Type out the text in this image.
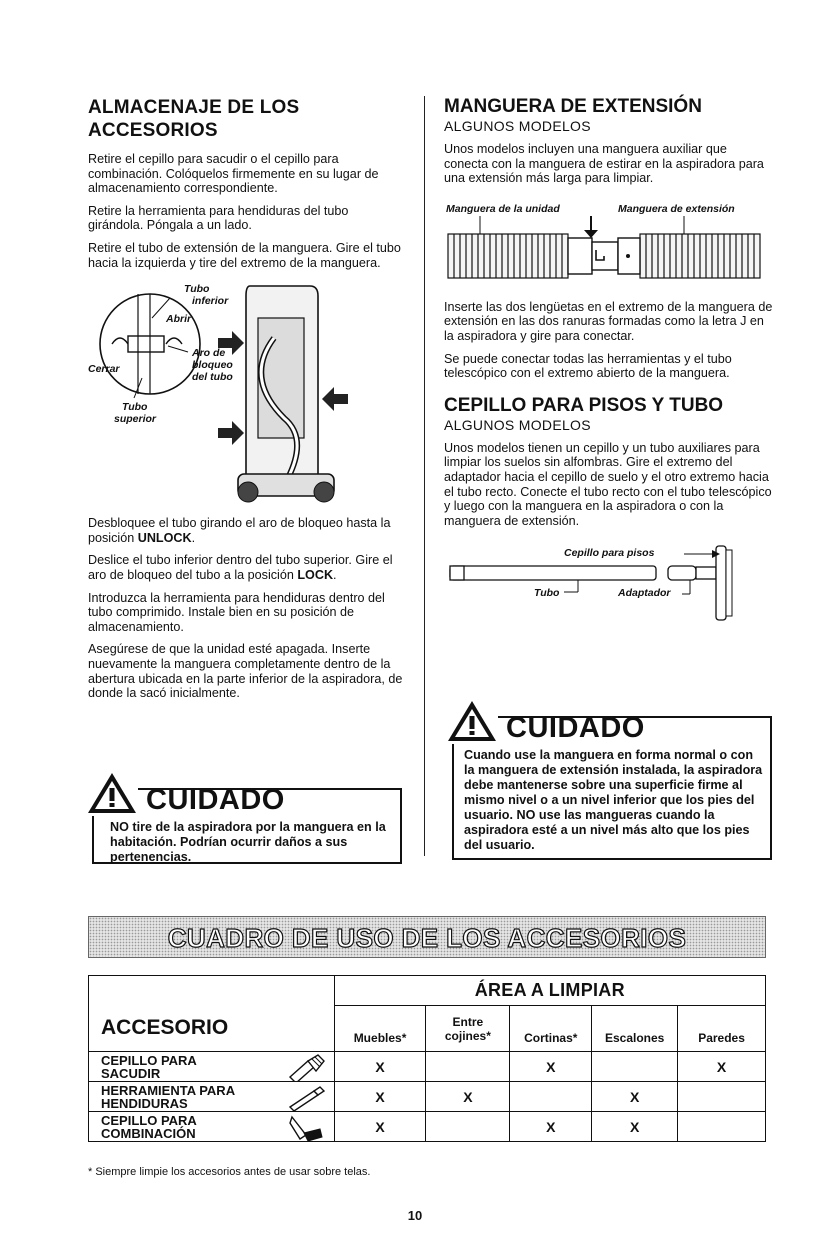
ALMACENAJE DE LOS
ACCESORIOS

Retire el cepillo para sacudir o el cepillo para combinación. Colóquelos firmemente en su lugar de almacenamiento correspondiente.

Retire la herramienta para hendiduras del tubo girándola. Póngala a un lado.

Retire el tubo de extensión de la manguera. Gire el tubo hacia la izquierda y tire del extremo de la manguera.

Tubo
inferior
Abrir
Cerrar
Aro de
bloqueo
del tubo
Tubo
superior

Desbloquee el tubo girando el aro de bloqueo hasta la posición UNLOCK.

Deslice el tubo inferior dentro del tubo superior. Gire el aro de bloqueo del tubo a la posición LOCK.

Introduzca la herramienta para hendiduras dentro del tubo comprimido. Instale bien en su posición de almacenamiento.

Asegúrese de que la unidad esté apagada. Inserte nuevamente la manguera completamente dentro de la abertura ubicada en la parte inferior de la aspiradora, de donde la sacó inicialmente.

CUIDADO
NO tire de la aspiradora por la manguera en la habitación. Podrían ocurrir daños a sus pertenencias.
MANGUERA DE EXTENSIÓN
ALGUNOS MODELOS

Unos modelos incluyen una manguera auxiliar que conecta con la manguera de estirar en la aspiradora para una extensión más larga para limpiar.

Manguera de la unidad	Manguera de extensión

Inserte las dos lengüetas en el extremo de la manguera de extensión en las dos ranuras formadas como la letra J en la aspiradora y gire para conectar.

Se puede conectar todas las herramientas y el tubo telescópico con el extremo abierto de la manguera.

CEPILLO PARA PISOS Y TUBO
ALGUNOS MODELOS

Unos modelos tienen un cepillo y un tubo auxiliares para limpiar los suelos sin alfombras. Gire el extremo del adaptador hacia el cepillo de suelo y el otro extremo hacia el tubo recto. Conecte el tubo recto con el tubo telescópico y luego con la manguera en la aspiradora o con la manguera de extensión.

Cepillo para pisos
Tubo	Adaptador
CUIDADO
Cuando use la manguera en forma normal o con la manguera de extensión instalada, la aspiradora debe mantenerse sobre una superficie firme al mismo nivel o a un nivel inferior que los pies del usuario. NO use las mangueras cuando la aspiradora esté a un nivel más alto que los pies del usuario.
CUADRO DE USO DE LOS ACCESORIOS
	ÁREA A LIMPIAR				
ACCESORIO	Muebles*	Entre
cojines*	Cortinas*	Escalones	Paredes
CEPILLO PARA
SACUDIR	X		X		X
HERRAMIENTA PARA
HENDIDURAS	X	X		X	
CEPILLO PARA
COMBINACIÓN	X		X	X	
* Siempre limpie los accesorios antes de usar sobre telas.
10
